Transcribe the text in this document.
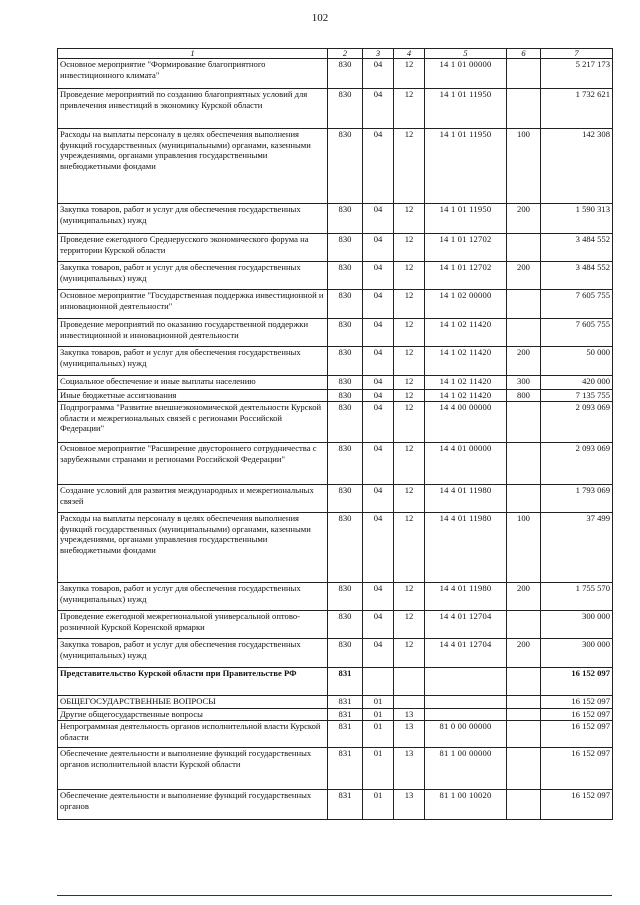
102
1	2	3	4	5	6	7
Основное мероприятие "Формирование благоприятного инвестиционного климата"	830	04	12	14 1 01 00000		5 217 173
Проведение мероприятий по созданию благоприятных условий для привлечения инвестиций в экономику Курской области	830	04	12	14 1 01 11950		1 732 621
Расходы на выплаты персоналу в целях обеспечения выполнения функций государственных (муниципальными) органами, казенными учреждениями, органами управления государственными внебюджетными фондами	830	04	12	14 1 01 11950	100	142 308
Закупка товаров, работ и услуг для обеспечения государственных (муниципальных) нужд	830	04	12	14 1 01 11950	200	1 590 313
Проведение ежегодного Среднерусского экономического форума на территории Курской области	830	04	12	14 1 01 12702		3 484 552
Закупка товаров, работ и услуг для обеспечения государственных (муниципальных) нужд	830	04	12	14 1 01 12702	200	3 484 552
Основное мероприятие "Государственная поддержка инвестиционной и инновационной деятельности"	830	04	12	14 1 02 00000		7 605 755
Проведение мероприятий по оказанию государственной поддержки инвестиционной и инновационной деятельности	830	04	12	14 1 02 11420		7 605 755
Закупка товаров, работ и услуг для обеспечения государственных (муниципальных) нужд	830	04	12	14 1 02 11420	200	50 000
Социальное обеспечение и иные выплаты населению	830	04	12	14 1 02 11420	300	420 000
Иные бюджетные ассигнования	830	04	12	14 1 02 11420	800	7 135 755
Подпрограмма "Развитие внешнеэкономической деятельности Курской области и межрегиональных связей с регионами Российской Федерации"	830	04	12	14 4 00 00000		2 093 069
Основное мероприятие "Расширение двустороннего сотрудничества с зарубежными странами и регионами Российской Федерации"	830	04	12	14 4 01 00000		2 093 069
Создание условий для развития международных и межрегиональных связей	830	04	12	14 4 01 11980		1 793 069
Расходы на выплаты персоналу в целях обеспечения выполнения функций государственных (муниципальными) органами, казенными учреждениями, органами управления государственными внебюджетными фондами	830	04	12	14 4 01 11980	100	37 499
Закупка товаров, работ и услуг для обеспечения государственных (муниципальных) нужд	830	04	12	14 4 01 11980	200	1 755 570
Проведение ежегодной межрегиональной универсальной оптово-розничной Курской Коренской ярмарки	830	04	12	14 4 01 12704		300 000
Закупка товаров, работ и услуг для обеспечения государственных (муниципальных) нужд	830	04	12	14 4 01 12704	200	300 000
Представительство Курской области при Правительстве РФ	831					16 152 097
ОБЩЕГОСУДАРСТВЕННЫЕ ВОПРОСЫ	831	01				16 152 097
Другие общегосударственные вопросы	831	01	13			16 152 097
Непрограммная деятельность органов исполнительной власти Курской области	831	01	13	81 0 00 00000		16 152 097
Обеспечение деятельности и выполнение функций государственных органов исполнительной власти Курской области	831	01	13	81 1 00 00000		16 152 097
Обеспечение деятельности и выполнение функций государственных органов	831	01	13	81 1 00 10020		16 152 097
